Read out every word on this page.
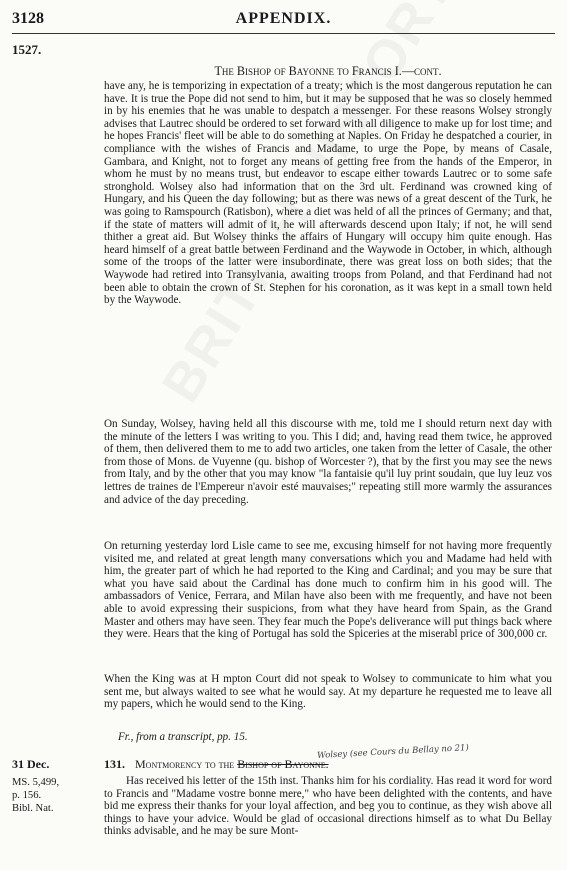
3128	APPENDIX.
1527.
The Bishop of Bayonne to Francis I.—cont.

have any, he is temporizing in expectation of a treaty; which is the most dangerous reputation he can have. It is true the Pope did not send to him, but it may be supposed that he was so closely hemmed in by his enemies that he was unable to despatch a messenger. For these reasons Wolsey strongly advises that Lautrec should be ordered to set forward with all diligence to make up for lost time; and he hopes Francis' fleet will be able to do something at Naples. On Friday he despatched a courier, in compliance with the wishes of Francis and Madame, to urge the Pope, by means of Casale, Gambara, and Knight, not to forget any means of getting free from the hands of the Emperor, in whom he must by no means trust, but endeavor to escape either towards Lautrec or to some safe stronghold. Wolsey also had information that on the 3rd ult. Ferdinand was crowned king of Hungary, and his Queen the day following; but as there was news of a great descent of the Turk, he was going to Ramspourch (Ratisbon), where a diet was held of all the princes of Germany; and that, if the state of matters will admit of it, he will afterwards descend upon Italy; if not, he will send thither a great aid. But Wolsey thinks the affairs of Hungary will occupy him quite enough. Has heard himself of a great battle between Ferdinand and the Waywode in October, in which, although some of the troops of the latter were insubordinate, there was great loss on both sides; that the Waywode had retired into Transylvania, awaiting troops from Poland, and that Ferdinand had not been able to obtain the crown of St. Stephen for his coronation, as it was kept in a small town held by the Waywode.

On Sunday, Wolsey, having held all this discourse with me, told me I should return next day with the minute of the letters I was writing to you. This I did; and, having read them twice, he approved of them, then delivered them to me to add two articles, one taken from the letter of Casale, the other from those of Mons. de Vuyenne (qu. bishop of Worcester ?), that by the first you may see the news from Italy, and by the other that you may know "la fantaisie qu'il luy print soudain, que luy leuz vos lettres de traines de l'Empereur n'avoir esté mauvaises;" repeating still more warmly the assurances and advice of the day preceding.

On returning yesterday lord Lisle came to see me, excusing himself for not having more frequently visited me, and related at great length many conversations which you and Madame had held with him, the greater part of which he had reported to the King and Cardinal; and you may be sure that what you have said about the Cardinal has done much to confirm him in his good will. The ambassadors of Venice, Ferrara, and Milan have also been with me frequently, and have not been able to avoid expressing their suspicions, from what they have heard from Spain, as the Grand Master and others may have seen. They fear much the Pope's deliverance will put things back where they were. Hears that the king of Portugal has sold the Spiceries at the miserabl price of 300,000 cr.

When the King was at H mpton Court did not speak to Wolsey to communicate to him what you sent me, but always waited to see what he would say. At my departure he requested me to leave all my papers, which he would send to the King.

Fr., from a transcript, pp. 15.
31 Dec.
MS. 5,499,
p. 156.
Bibl. Nat.
131. Montmorency to the Bishop of Bayonne.
Wolsey (see Cours du Bellay no 21)

Has received his letter of the 15th inst. Thanks him for his cordiality. Has read it word for word to Francis and "Madame vostre bonne mere," who have been delighted with the contents, and have bid me express their thanks for your loyal affection, and beg you to continue, as they wish above all things to have your advice. Would be glad of occasional directions himself as to what Du Bellay thinks advisable, and he may be sure Mont-
